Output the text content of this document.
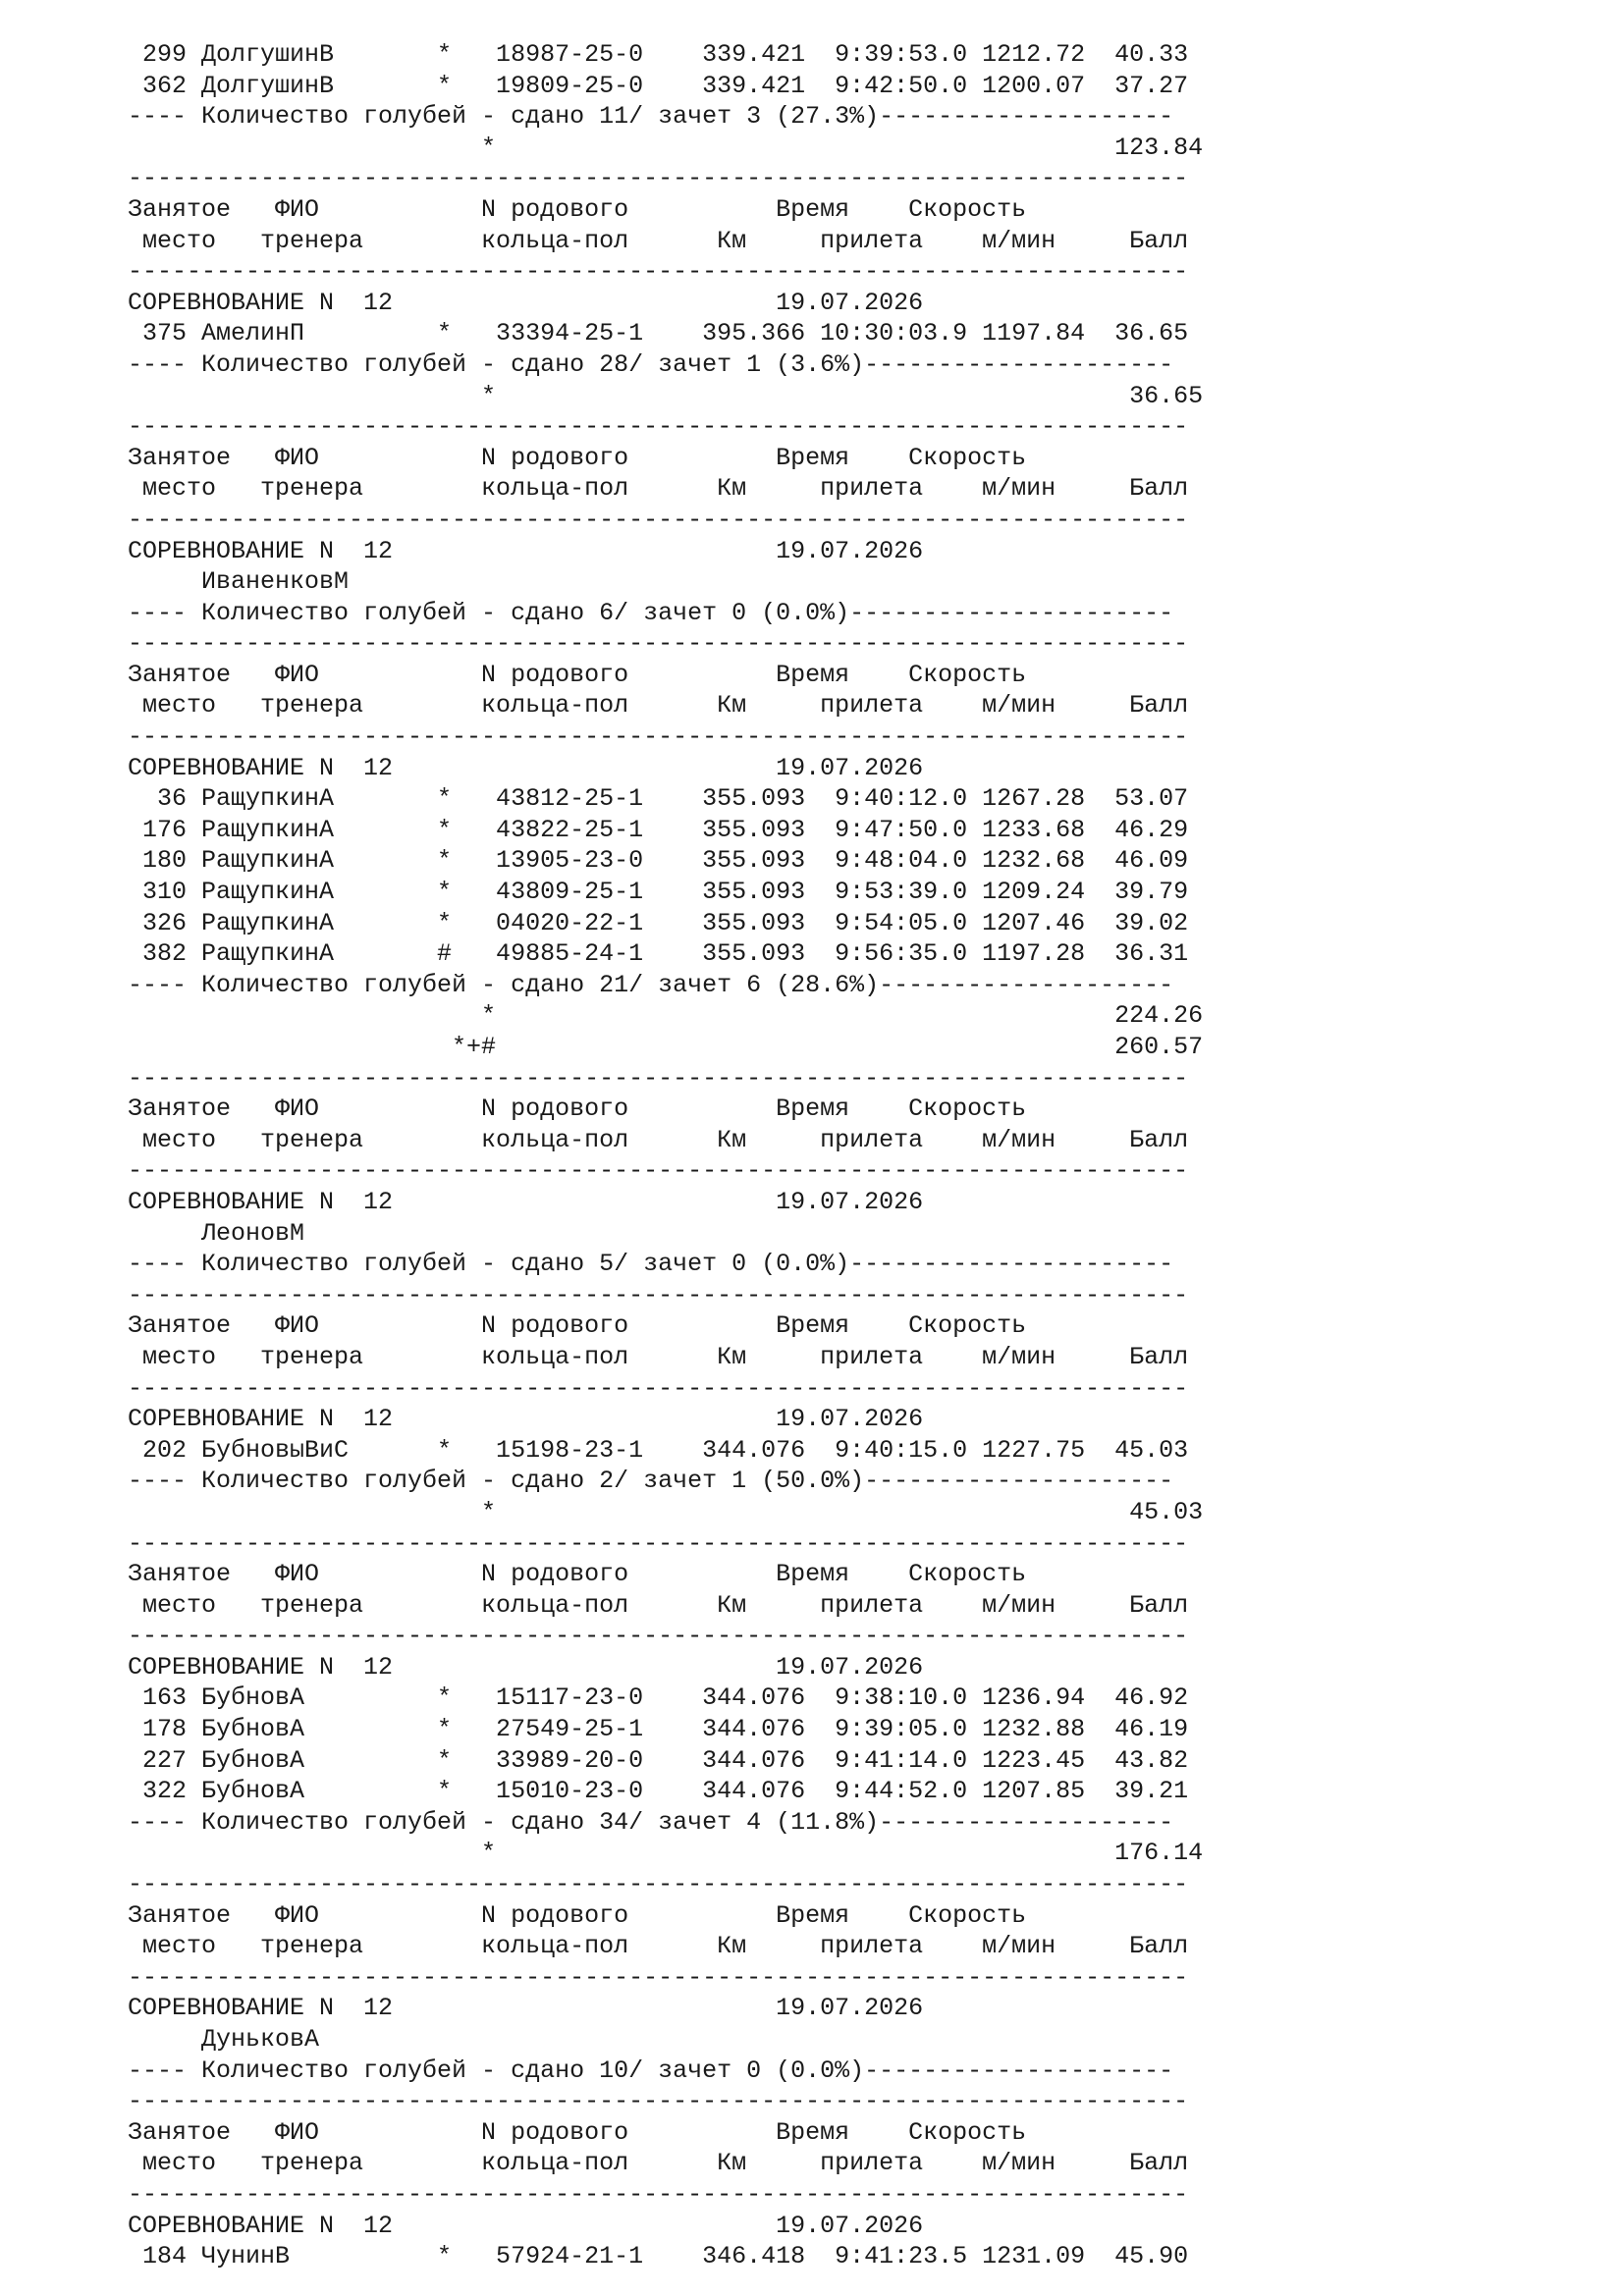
299 ДолгушинВ       *   18987-25-0    339.421  9:39:53.0 1212.72  40.33
362 ДолгушинВ       *   19809-25-0    339.421  9:42:50.0 1200.07  37.27
---- Количество голубей - сдано 11/ зачет 3 (27.3%)--------------------
*                                          123.84
------------------------------------------------------------------------
Занятое   ФИО           N родового          Время    Скорость
место   тренера        кольца-пол      Км     прилета    м/мин     Балл
------------------------------------------------------------------------
СОРЕВНОВАНИЕ N  12                          19.07.2026
375 АмелинП         *   33394-25-1    395.366 10:30:03.9 1197.84  36.65
---- Количество голубей - сдано 28/ зачет 1 (3.6%)---------------------
*                                           36.65
------------------------------------------------------------------------
Занятое   ФИО           N родового          Время    Скорость
место   тренера        кольца-пол      Км     прилета    м/мин     Балл
------------------------------------------------------------------------
СОРЕВНОВАНИЕ N  12                          19.07.2026
ИваненковМ
---- Количество голубей - сдано 6/ зачет 0 (0.0%)----------------------
------------------------------------------------------------------------
Занятое   ФИО           N родового          Время    Скорость
место   тренера        кольца-пол      Км     прилета    м/мин     Балл
------------------------------------------------------------------------
СОРЕВНОВАНИЕ N  12                          19.07.2026
36 РащупкинА       *   43812-25-1    355.093  9:40:12.0 1267.28  53.07
176 РащупкинА       *   43822-25-1    355.093  9:47:50.0 1233.68  46.29
180 РащупкинА       *   13905-23-0    355.093  9:48:04.0 1232.68  46.09
310 РащупкинА       *   43809-25-1    355.093  9:53:39.0 1209.24  39.79
326 РащупкинА       *   04020-22-1    355.093  9:54:05.0 1207.46  39.02
382 РащупкинА       #   49885-24-1    355.093  9:56:35.0 1197.28  36.31
---- Количество голубей - сдано 21/ зачет 6 (28.6%)--------------------
*                                          224.26
*+#                                          260.57
------------------------------------------------------------------------
Занятое   ФИО           N родового          Время    Скорость
место   тренера        кольца-пол      Км     прилета    м/мин     Балл
------------------------------------------------------------------------
СОРЕВНОВАНИЕ N  12                          19.07.2026
ЛеоновМ
---- Количество голубей - сдано 5/ зачет 0 (0.0%)----------------------
------------------------------------------------------------------------
Занятое   ФИО           N родового          Время    Скорость
место   тренера        кольца-пол      Км     прилета    м/мин     Балл
------------------------------------------------------------------------
СОРЕВНОВАНИЕ N  12                          19.07.2026
202 БубновыВиС      *   15198-23-1    344.076  9:40:15.0 1227.75  45.03
---- Количество голубей - сдано 2/ зачет 1 (50.0%)---------------------
*                                           45.03
------------------------------------------------------------------------
Занятое   ФИО           N родового          Время    Скорость
место   тренера        кольца-пол      Км     прилета    м/мин     Балл
------------------------------------------------------------------------
СОРЕВНОВАНИЕ N  12                          19.07.2026
163 БубновА         *   15117-23-0    344.076  9:38:10.0 1236.94  46.92
178 БубновА         *   27549-25-1    344.076  9:39:05.0 1232.88  46.19
227 БубновА         *   33989-20-0    344.076  9:41:14.0 1223.45  43.82
322 БубновА         *   15010-23-0    344.076  9:44:52.0 1207.85  39.21
---- Количество голубей - сдано 34/ зачет 4 (11.8%)--------------------
*                                          176.14
------------------------------------------------------------------------
Занятое   ФИО           N родового          Время    Скорость
место   тренера        кольца-пол      Км     прилета    м/мин     Балл
------------------------------------------------------------------------
СОРЕВНОВАНИЕ N  12                          19.07.2026
ДуньковА
---- Количество голубей - сдано 10/ зачет 0 (0.0%)---------------------
------------------------------------------------------------------------
Занятое   ФИО           N родового          Время    Скорость
место   тренера        кольца-пол      Км     прилета    м/мин     Балл
------------------------------------------------------------------------
СОРЕВНОВАНИЕ N  12                          19.07.2026
184 ЧунинВ          *   57924-21-1    346.418  9:41:23.5 1231.09  45.90
